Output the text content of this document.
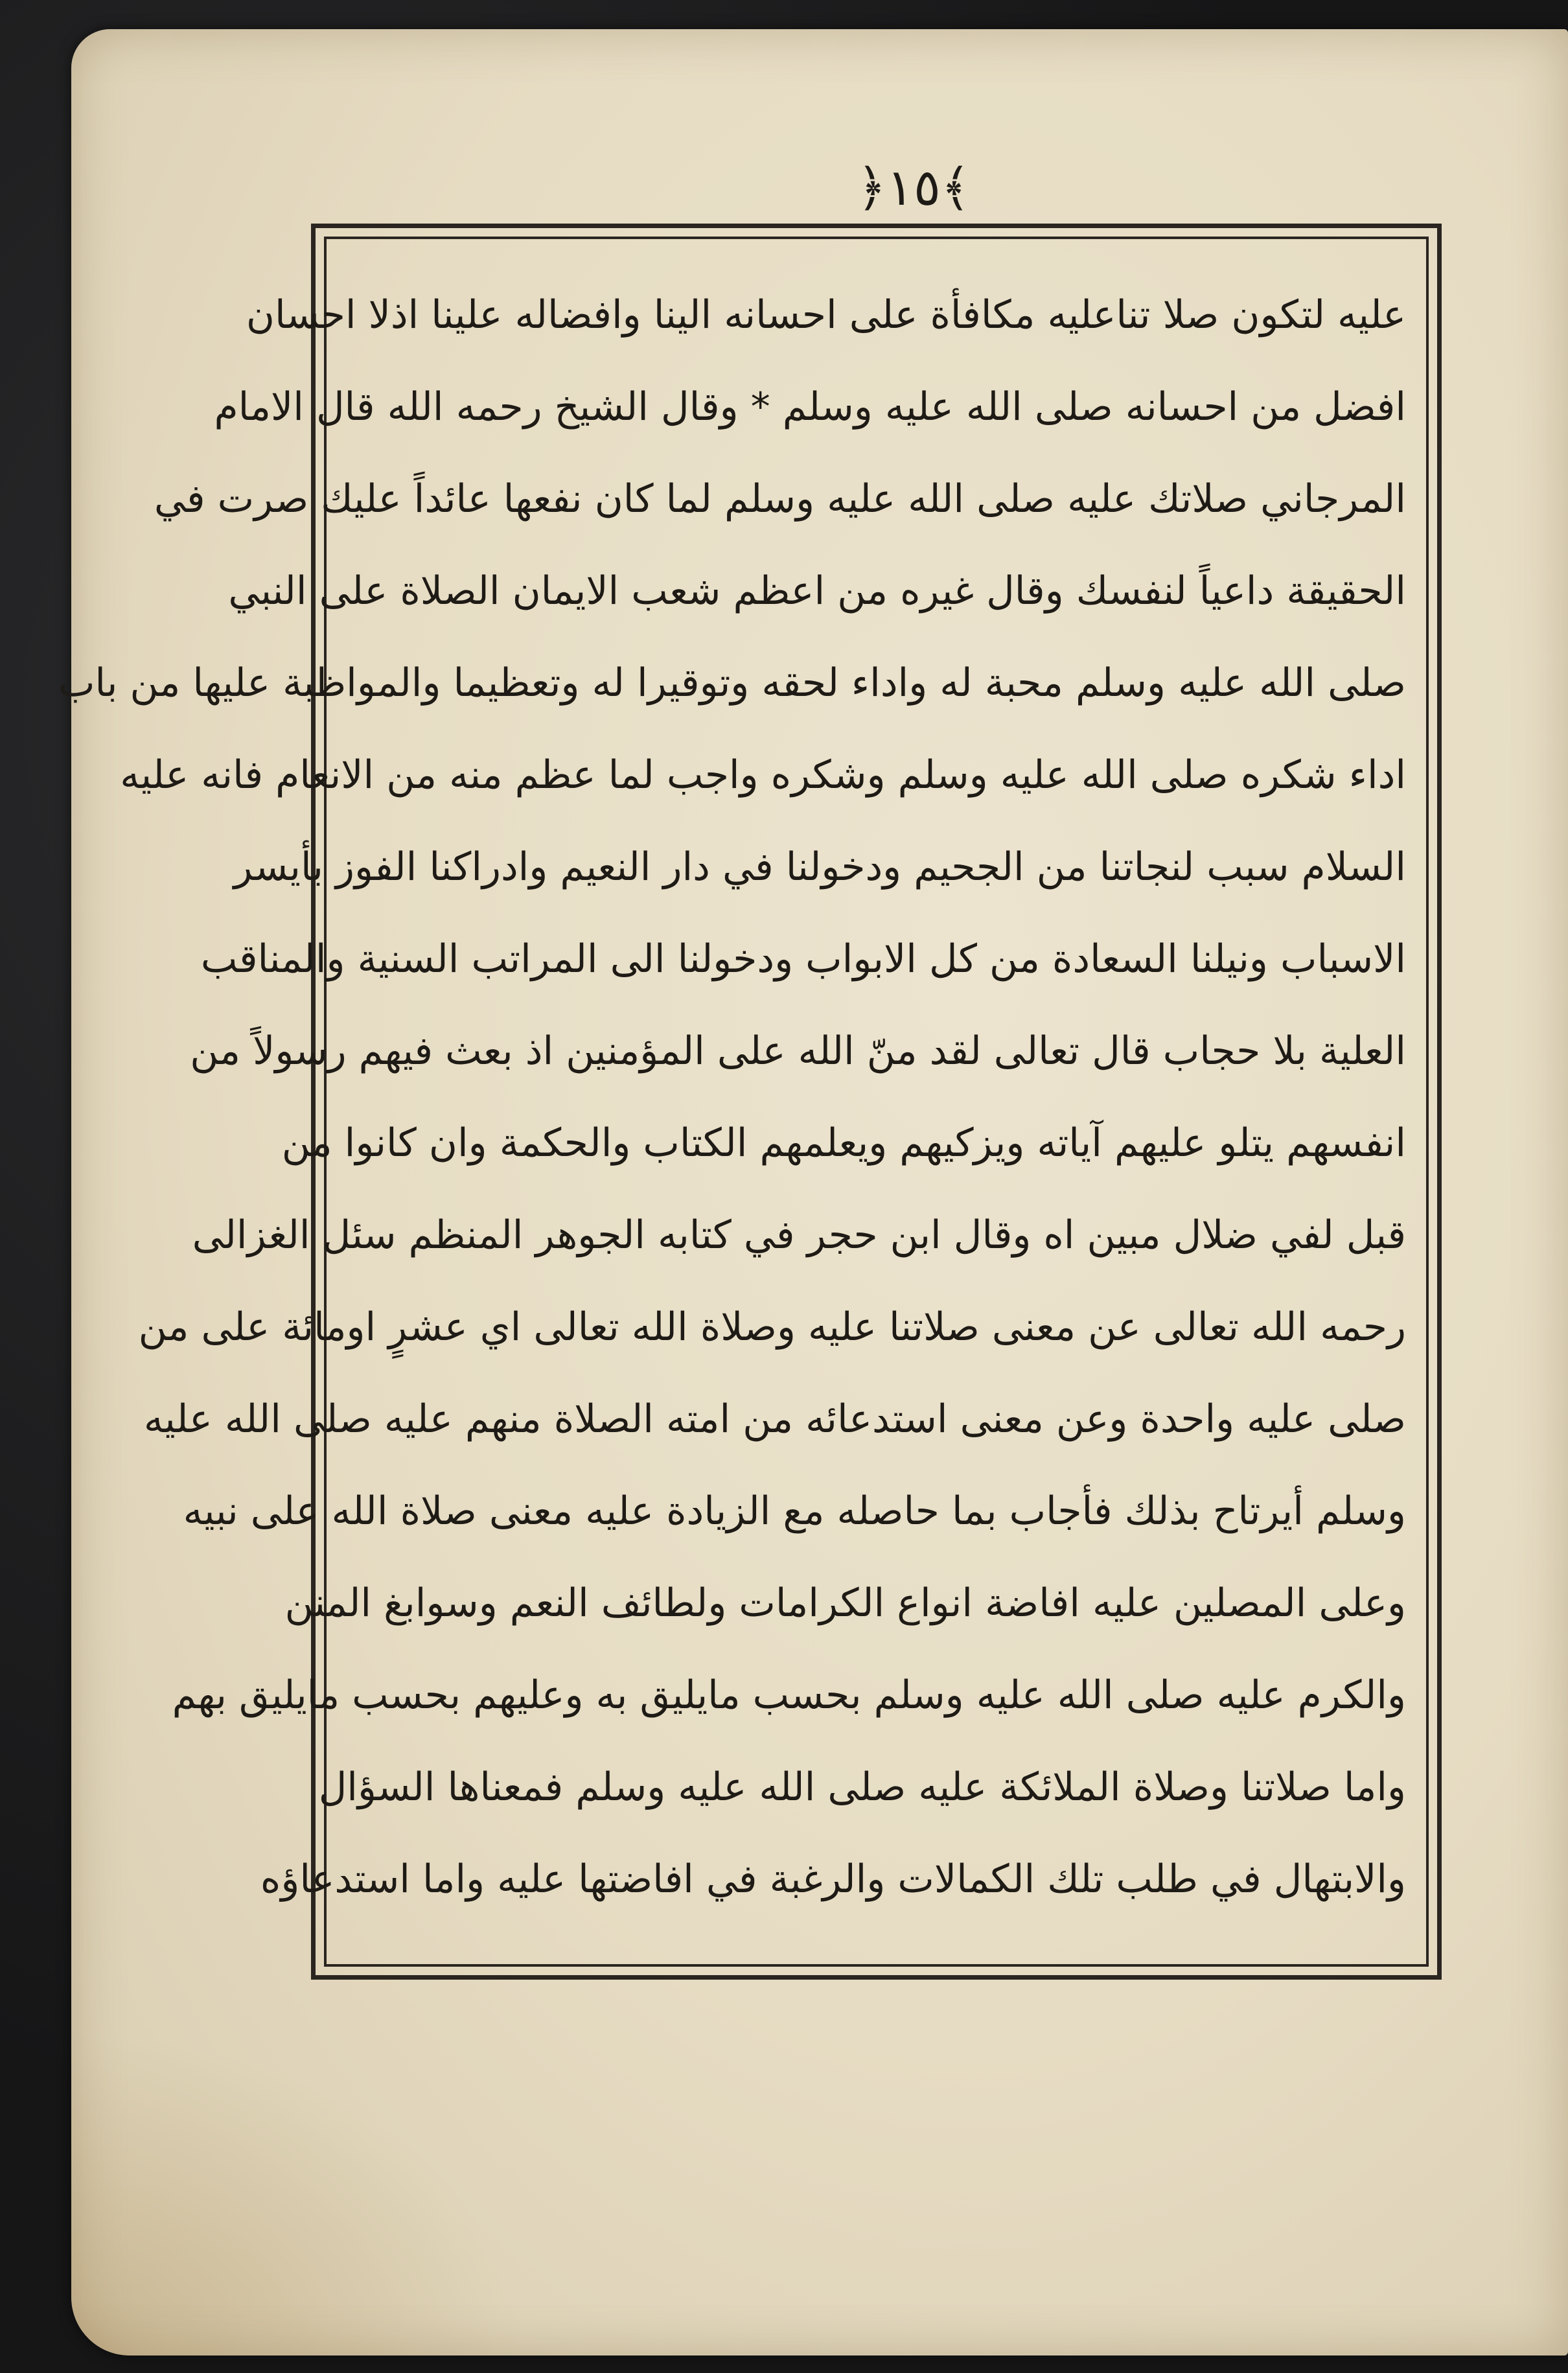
﴾١٥﴿
عليه لتكون صلا تناعليه مكافأة على احسانه الينا وافضاله علينا اذلا احسان
افضل من احسانه صلى الله عليه وسلم * وقال الشيخ رحمه الله قال الامام
المرجاني صلاتك عليه صلى الله عليه وسلم لما كان نفعها عائداً عليك صرت في
الحقيقة داعياً لنفسك وقال غيره من اعظم شعب الايمان الصلاة على النبي
صلى الله عليه وسلم محبة له واداء لحقه وتوقيرا له وتعظيما والمواظبة عليها من باب
اداء شكره صلى الله عليه وسلم وشكره واجب لما عظم منه من الانعام فانه عليه
السلام سبب لنجاتنا من الجحيم ودخولنا في دار النعيم وادراكنا الفوز بأيسر
الاسباب ونيلنا السعادة من كل الابواب ودخولنا الى المراتب السنية والمناقب
العلية بلا حجاب قال تعالى لقد منّ الله على المؤمنين اذ بعث فيهم رسولاً من
انفسهم يتلو عليهم آياته ويزكيهم ويعلمهم الكتاب والحكمة وان كانوا من
قبل لفي ضلال مبين اه وقال ابن حجر في كتابه الجوهر المنظم سئل الغزالى
رحمه الله تعالى عن معنى صلاتنا عليه وصلاة الله تعالى اي عشرٍ اومائة على من
صلى عليه واحدة وعن معنى استدعائه من امته الصلاة منهم عليه صلى الله عليه
وسلم أيرتاح بذلك فأجاب بما حاصله مع الزيادة عليه معنى صلاة الله على نبيه
وعلى المصلين عليه افاضة انواع الكرامات ولطائف النعم وسوابغ المنن
والكرم عليه صلى الله عليه وسلم بحسب مايليق به وعليهم بحسب مايليق بهم
واما صلاتنا وصلاة الملائكة عليه صلى الله عليه وسلم فمعناها السؤال
والابتهال في طلب تلك الكمالات والرغبة في افاضتها عليه واما استدعاؤه
